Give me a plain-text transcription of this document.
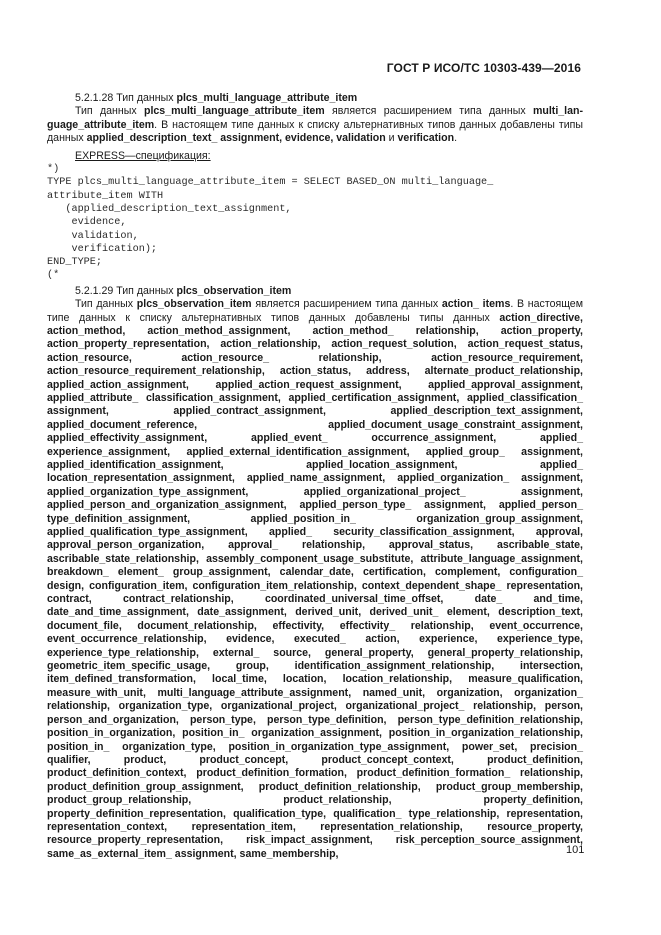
ГОСТ Р ИСО/ТС 10303-439—2016

5.2.1.28 Тип данных plcs_multi_language_attribute_item

Тип данных plcs_multi_language_attribute_item является расширением типа данных multi_lan-guage_attribute_item. В настоящем типе данных к списку альтернативных типов данных добавлены типы данных applied_description_text_ assignment, evidence, validation и verification.

EXPRESS—спецификация:

*)
TYPE plcs_multi_language_attribute_item = SELECT BASED_ON multi_language_
attribute_item WITH
(applied_description_text_assignment,
evidence,
validation,
verification);
END_TYPE;
(*

5.2.1.29 Тип данных plcs_observation_item

Тип данных plcs_observation_item является расширением типа данных action_ items. В настоящем типе данных к списку альтернативных типов данных добавлены типы данных action_directive, action_method, action_method_assignment, action_method_ relationship, action_property, action_property_representation, action_relationship, action_request_solution, action_request_status, action_resource, action_resource_ relationship, action_resource_requirement, action_resource_requirement_relationship, action_status, address, alternate_product_relationship, applied_action_assignment, applied_action_request_assignment, applied_approval_assignment, applied_attribute_ classification_assignment, applied_certification_assignment, applied_classification_ assignment, applied_contract_assignment, applied_description_text_assignment, applied_document_reference, applied_document_usage_constraint_assignment, applied_effectivity_assignment, applied_event_ occurrence_assignment, applied_ experience_assignment, applied_external_identification_assignment, applied_group_ assignment, applied_identification_assignment, applied_location_assignment, applied_ location_representation_assignment, applied_name_assignment, applied_organization_ assignment, applied_organization_type_assignment, applied_organizational_project_ assignment, applied_person_and_organization_assignment, applied_person_type_ assignment, applied_person_ type_definition_assignment, applied_position_in_ organization_group_assignment, applied_qualification_type_assignment, applied_ security_classification_assignment, approval, approval_person_organization, approval_ relationship, approval_status, ascribable_state, ascribable_state_relationship, assembly_component_usage_substitute, attribute_language_assignment, breakdown_ element_ group_assignment, calendar_date, certification, complement, configuration_ design, configuration_item, configuration_item_relationship, context_dependent_shape_ representation, contract, contract_relationship, coordinated_universal_time_offset, date_ and_time, date_and_time_assignment, date_assignment, derived_unit, derived_unit_ element, description_text, document_file, document_relationship, effectivity, effectivity_ relationship, event_occurrence, event_occurrence_relationship, evidence, executed_ action, experience, experience_type, experience_type_relationship, external_ source, general_property, general_property_relationship, geometric_item_specific_usage, group, identification_assignment_relationship, intersection, item_defined_transformation, local_time, location, location_relationship, measure_qualification, measure_with_unit, multi_language_attribute_assignment, named_unit, organization, organization_ relationship, organization_type, organizational_project, organizational_project_ relationship, person, person_and_organization, person_type, person_type_definition, person_type_definition_relationship, position_in_organization, position_in_ organization_assignment, position_in_organization_relationship, position_in_ organization_type, position_in_organization_type_assignment, power_set, precision_ qualifier, product, product_concept, product_concept_context, product_definition, product_definition_context, product_definition_formation, product_definition_formation_ relationship, product_definition_group_assignment, product_definition_relationship, product_group_membership, product_group_relationship, product_relationship, property_definition, property_definition_representation, qualification_type, qualification_ type_relationship, representation, representation_context, representation_item, representation_relationship, resource_property, resource_property_representation, risk_impact_assignment, risk_perception_source_assignment, same_as_external_item_ assignment, same_membership,	101
